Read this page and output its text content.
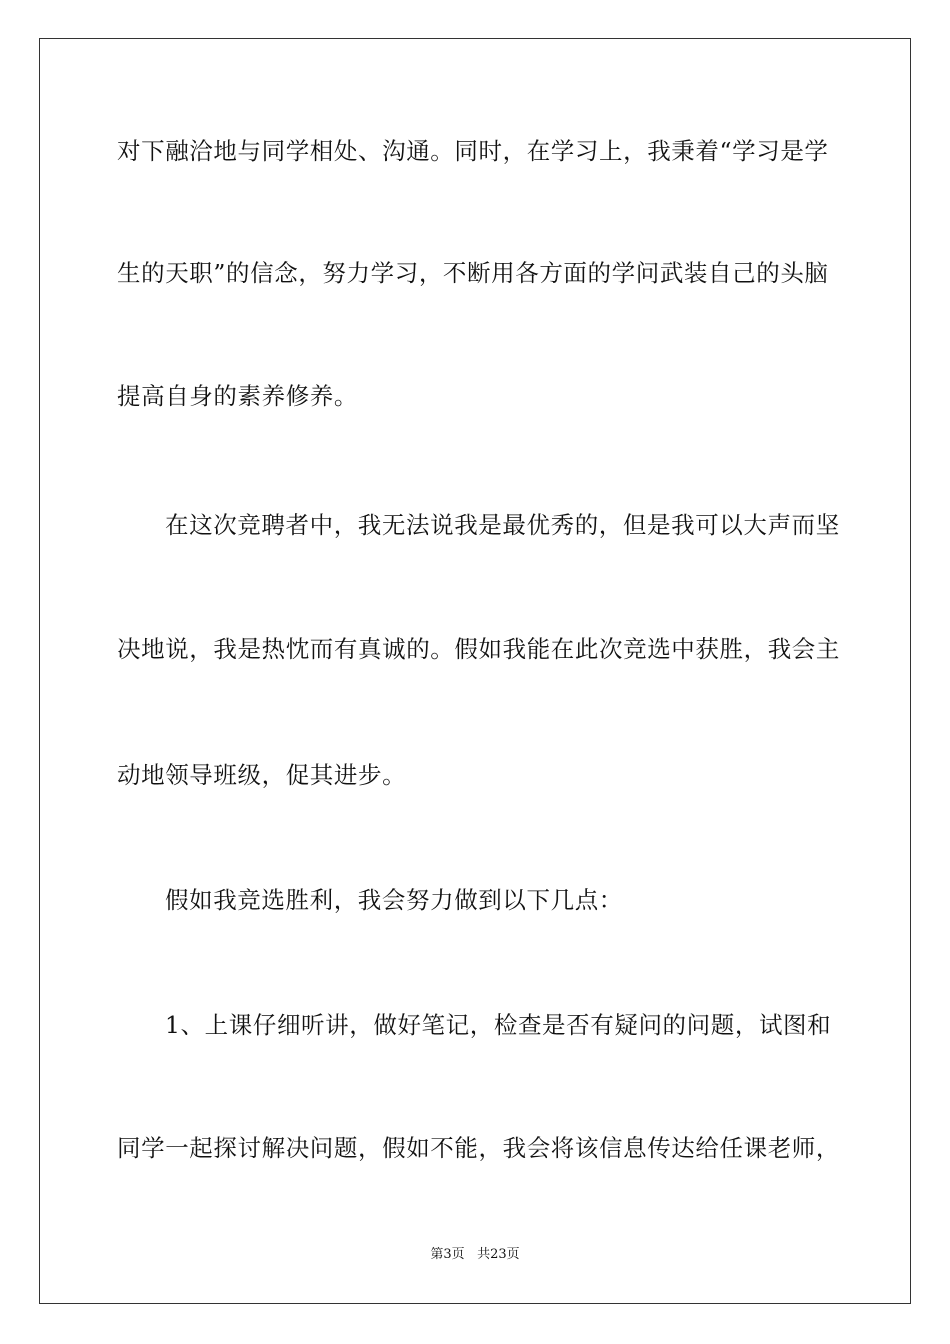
对下融洽地与同学相处、沟通。同时，在学习上，我秉着“学习是学
生的天职”的信念，努力学习，不断用各方面的学问武装自己的头脑
提高自身的素养修养。
在这次竞聘者中，我无法说我是最优秀的，但是我可以大声而坚
决地说，我是热忱而有真诚的。假如我能在此次竞选中获胜，我会主
动地领导班级，促其进步。
假如我竞选胜利，我会努力做到以下几点：
1、上课仔细听讲，做好笔记，检查是否有疑问的问题，试图和
同学一起探讨解决问题，假如不能，我会将该信息传达给任课老师，
第3页 共23页
